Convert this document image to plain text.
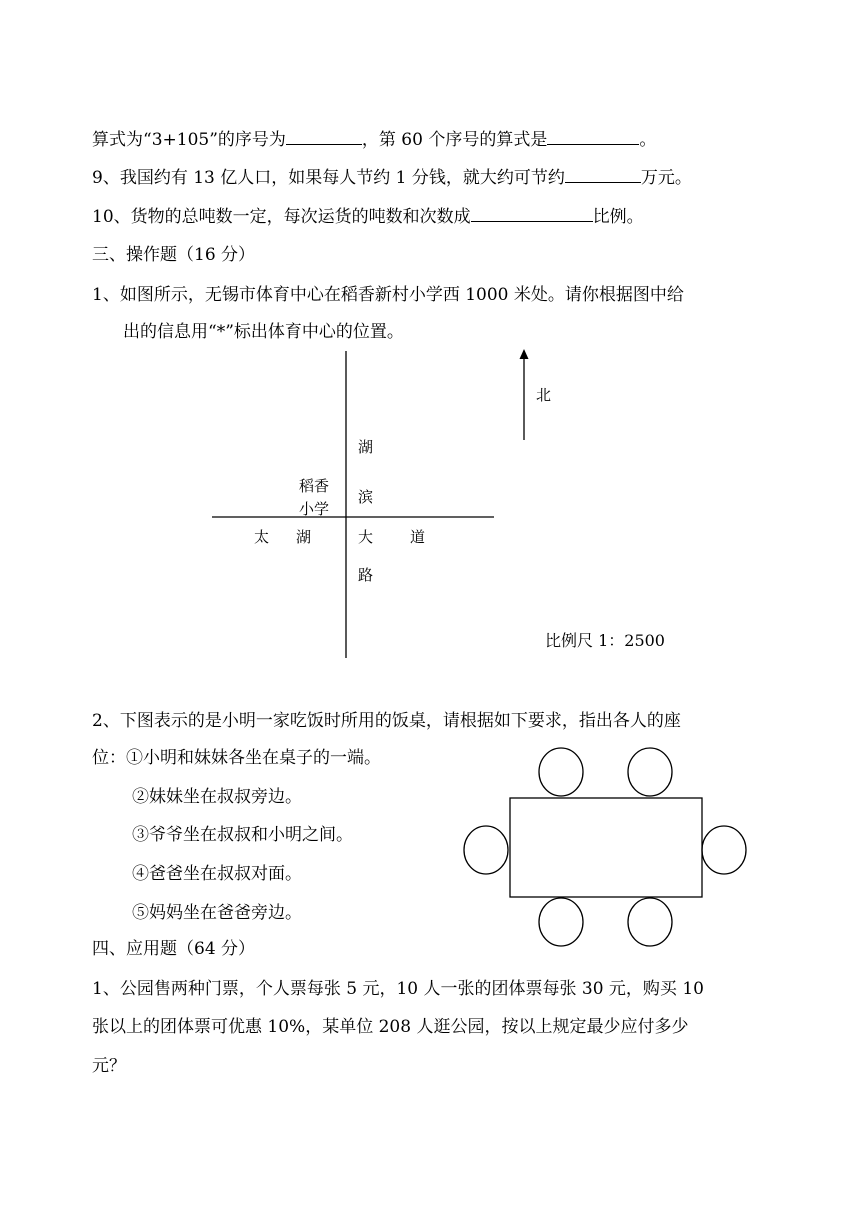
算式为“3+105”的序号为	，第 60 个序号的算式是	。
9、我国约有 13 亿人口，如果每人节约 1 分钱，就大约可节约	万元。
10、货物的总吨数一定，每次运货的吨数和次数成	比例。
三、操作题（16 分）
1、如图所示，无锡市体育中心在稻香新村小学西 1000 米处。请你根据图中给
出的信息用“*”标出体育中心的位置。
北
湖
滨
大
路
稻香
小学
太 湖	道
比例尺 1：2500
2、下图表示的是小明一家吃饭时所用的饭桌，请根据如下要求，指出各人的座
位：①小明和妹妹各坐在桌子的一端。
②妹妹坐在叔叔旁边。
③爷爷坐在叔叔和小明之间。
④爸爸坐在叔叔对面。
⑤妈妈坐在爸爸旁边。
四、应用题（64 分）
1、公园售两种门票，个人票每张 5 元，10 人一张的团体票每张 30 元，购买 10
张以上的团体票可优惠 10%，某单位 208 人逛公园，按以上规定最少应付多少
元？
